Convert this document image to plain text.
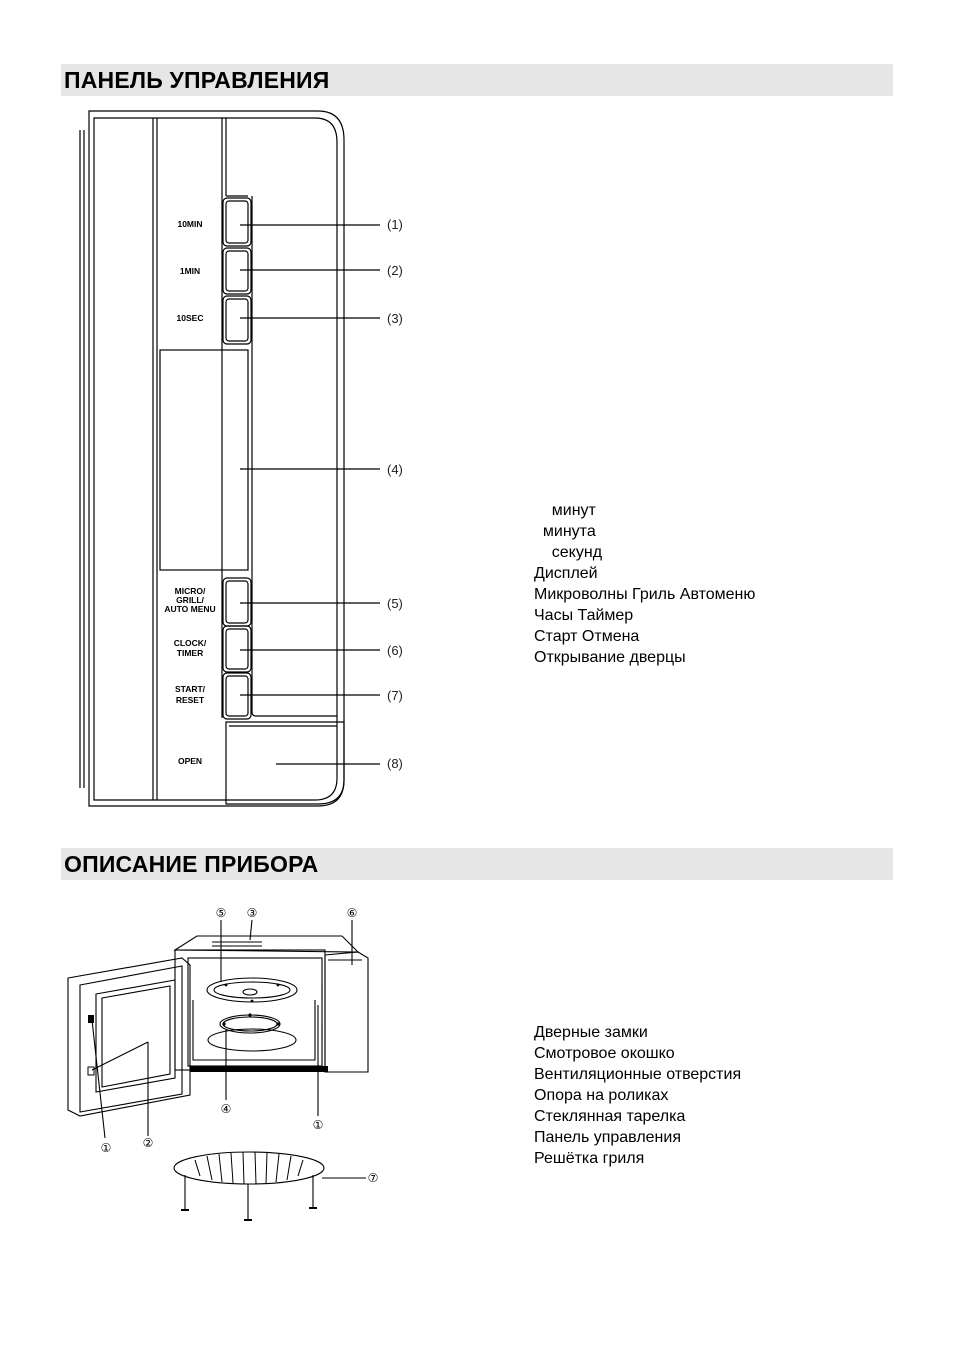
ПАНЕЛЬ УПРАВЛЕНИЯ
10MIN
1MIN
10SEC
MICRO/
GRILL/
AUTO MENU
CLOCK/
TIMER
START/
RESET
OPEN
(1)
(2)
(3)
(4)
(5)
(6)
(7)
(8)
минут
минута
секунд
Дисплей
Микроволны Гриль Автоменю
Часы Таймер
Старт Отмена
Открывание дверцы
ОПИСАНИЕ ПРИБОРА
⑤ ③	⑥
④
①
①	②
⑦
Дверные замки
Смотровое окошко
Вентиляционные отверстия
Опора на роликах
Стеклянная тарелка
Панель управления
Решётка гриля
